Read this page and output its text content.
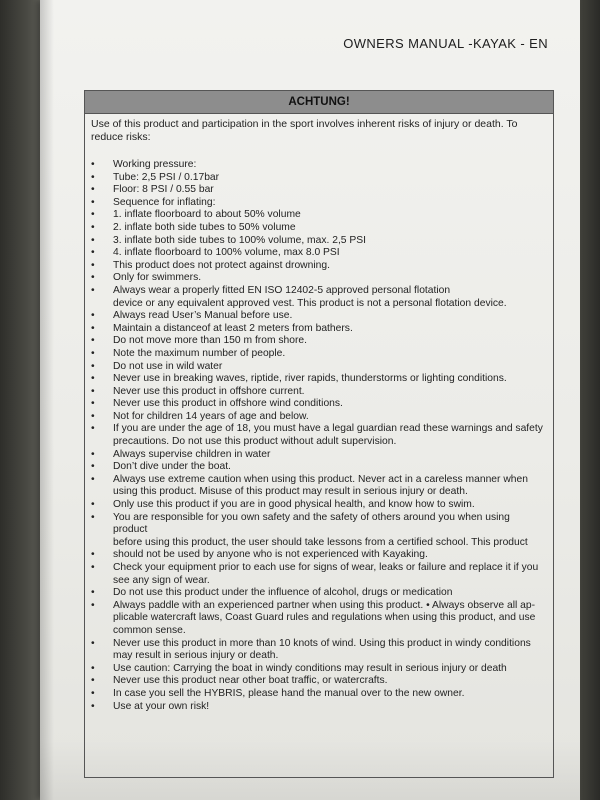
OWNERS MANUAL -KAYAK - EN
ACHTUNG!
Use of this product and participation in the sport involves inherent risks of injury or death. To reduce risks:
• Working pressure:
• Tube: 2,5 PSI / 0.17bar
• Floor: 8 PSI / 0.55 bar
• Sequence for inflating:
• 1. inflate floorboard to about 50% volume
• 2. inflate both side tubes to 50% volume
• 3. inflate both side tubes to 100% volume, max. 2,5 PSI
• 4. inflate floorboard to 100% volume, max 8.0 PSI
• This product does not protect against drowning.
• Only for swimmers.
• Always wear a properly fitted EN ISO 12402-5 approved personal flotation
device or any equivalent approved vest. This product is not a personal flotation device.
• Always read User’s Manual before use.
• Maintain a distanceof at least 2 meters from bathers.
• Do not move more than 150 m from shore.
• Note the maximum number of people.
• Do not use in wild water
• Never use in breaking waves, riptide, river rapids, thunderstorms or lighting conditions.
• Never use this product in offshore current.
• Never use this product in offshore wind conditions.
• Not for children 14 years of age and below.
• If you are under the age of 18, you must have a legal guardian read these warnings and safety
precautions. Do not use this product without adult supervision.
• Always supervise children in water
• Don’t dive under the boat.
• Always use extreme caution when using this product. Never act in a careless manner when
using this product. Misuse of this product may result in serious injury or death.
• Only use this product if you are in good physical health, and know how to swim.
• You are responsible for you own safety and the safety of others around you when using product
before using this product, the user should take lessons from a certified school. This product
• should not be used by anyone who is not experienced with Kayaking.
• Check your equipment prior to each use for signs of wear, leaks or failure and replace it if you
see any sign of wear.
• Do not use this product under the influence of alcohol, drugs or medication
• Always paddle with an experienced partner when using this product. • Always observe all ap-
plicable watercraft laws, Coast Guard rules and regulations when using this product, and use
common sense.
• Never use this product in more than 10 knots of wind. Using this product in windy conditions
may result in serious injury or death.
• Use caution: Carrying the boat in windy conditions may result in serious injury or death
• Never use this product near other boat traffic, or watercrafts.
• In case you sell the HYBRIS, please hand the manual over to the new owner.
• Use at your own risk!
